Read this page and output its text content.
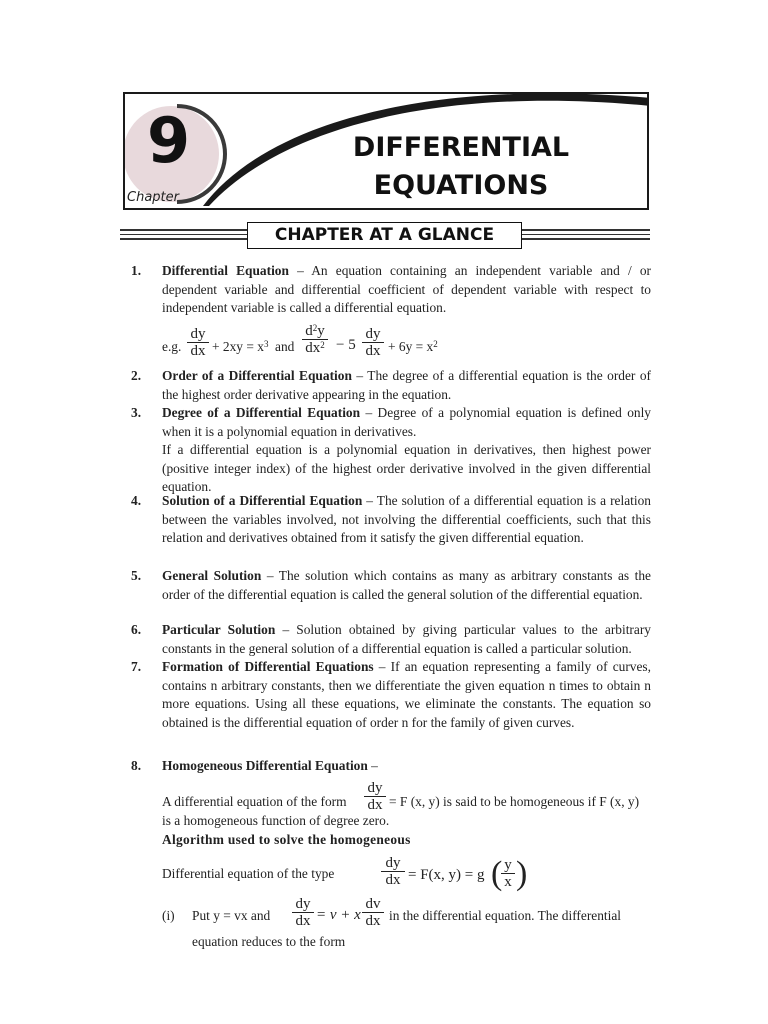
9
Chapter
DIFFERENTIAL
EQUATIONS
CHAPTER AT A GLANCE
1. Differential Equation – An equation containing an independent variable and / or dependent variable and differential coefficient of dependent variable with respect to independent variable is called a differential equation.
e.g.
dy
dx + $2xy = x^3$ and
$d^2y$
$dx^2 - 5$
dy
dx + $6y = x^2$
2. Order of a Differential Equation – The degree of a differential equation is the order of the highest order derivative appearing in the equation.
3. Degree of a Differential Equation – Degree of a polynomial equation is defined only when it is a polynomial equation in derivatives.
If a differential equation is a polynomial equation in derivatives, then highest power (positive integer index) of the highest order derivative involved in the given differential equation.
4. Solution of a Differential Equation – The solution of a differential equation is a relation between the variables involved, not involving the differential coefficients, such that this relation and derivatives obtained from it satisfy the given differential equation.
5. General Solution – The solution which contains as many as arbitrary constants as the order of the differential equation is called the general solution of the differential equation.
6. Particular Solution – Solution obtained by giving particular values to the arbitrary constants in the general solution of a differential equation is called a particular solution.
7. Formation of Differential Equations – If an equation representing a family of curves, contains n arbitrary constants, then we differentiate the given equation n times to obtain n more equations. Using all these equations, we eliminate the constants. The equation so obtained is the differential equation of order n for the family of given curves.
8. Homogeneous Differential Equation –
A differential equation of the form
dy
dx = F (x, y) is said to be homogeneous if F (x, y)
is a homogeneous function of degree zero.
Algorithm used to solve the homogeneous
Differential equation of the type
dy
dx = F(x, y) = g ( y
x )
(i) Put y = vx and
dy
dx = v + x
dv
dx in the differential equation. The differential
equation reduces to the form
